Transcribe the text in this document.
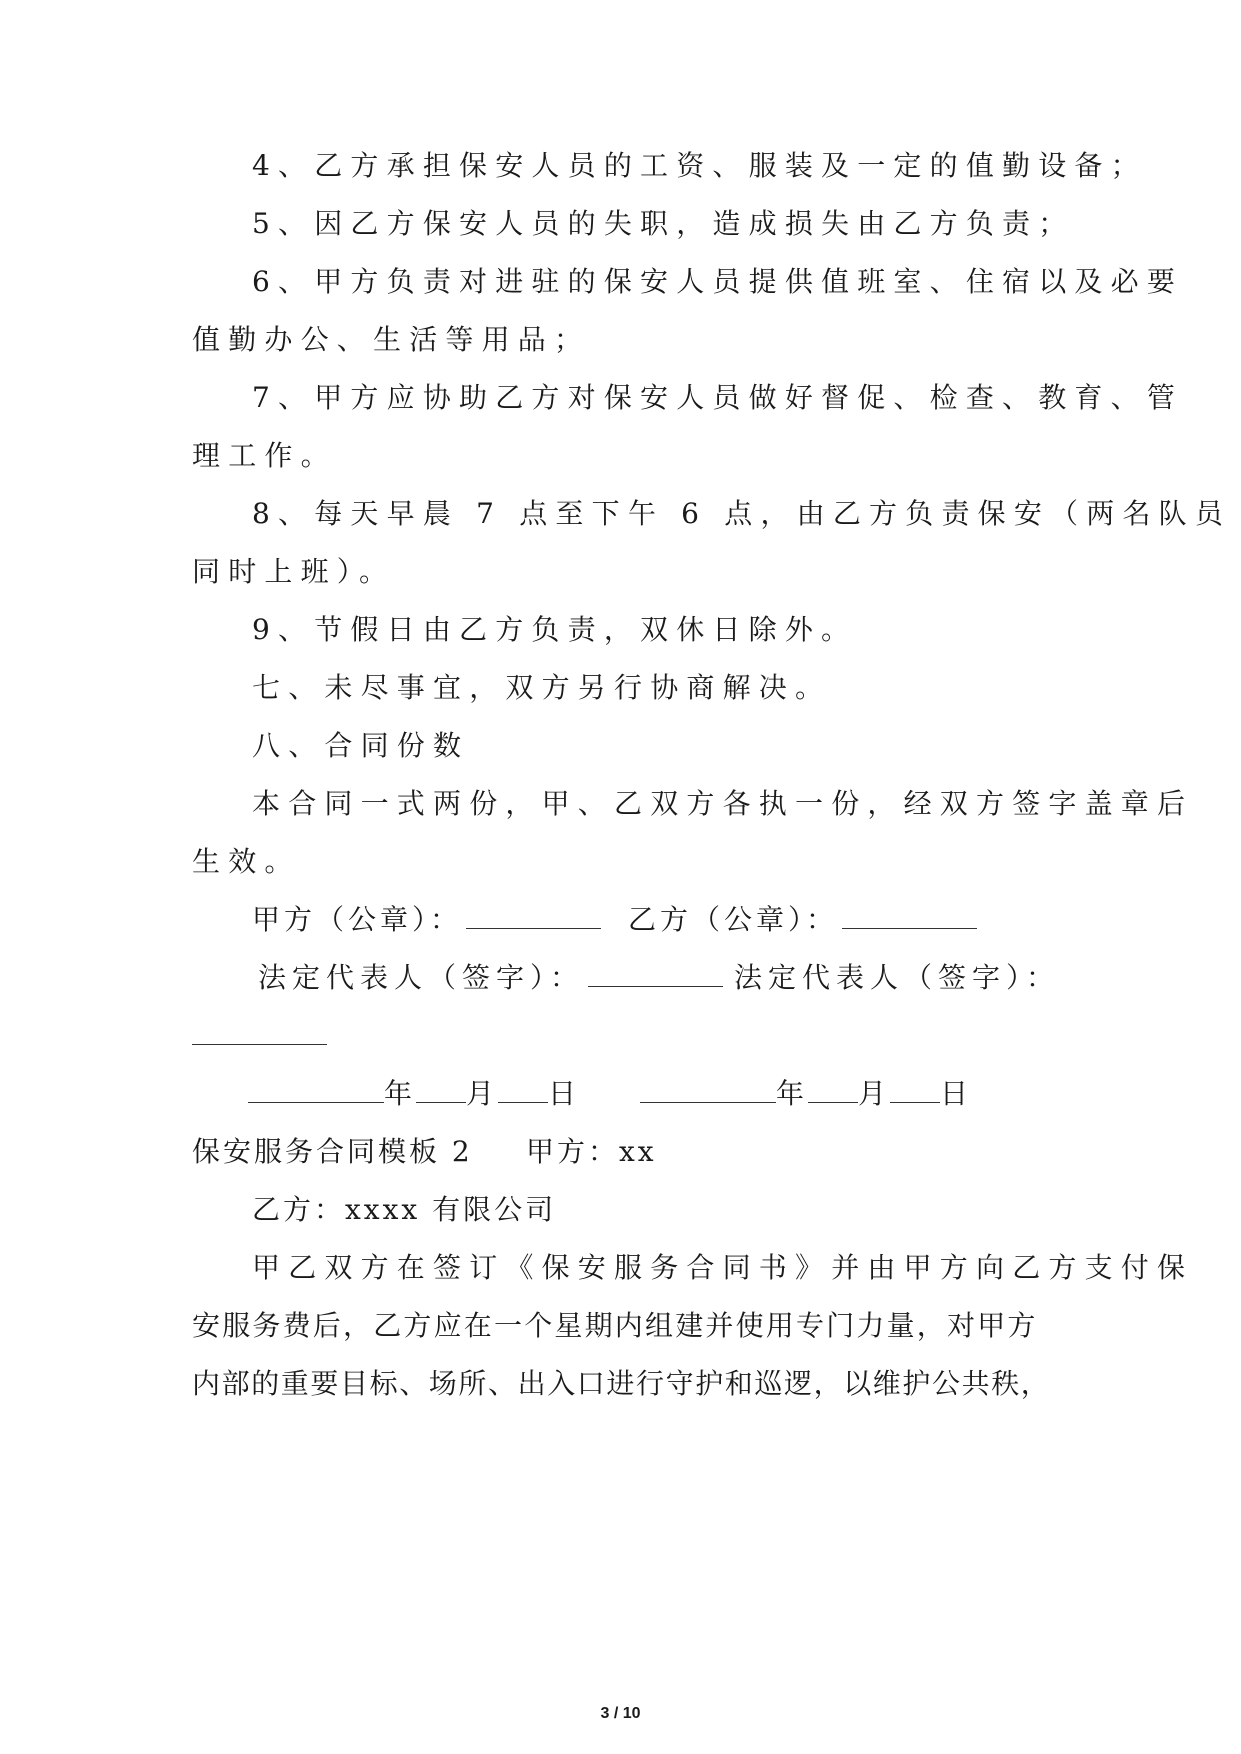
4、乙方承担保安人员的工资、服装及一定的值勤设备；
5、因乙方保安人员的失职，造成损失由乙方负责；
6、甲方负责对进驻的保安人员提供值班室、住宿以及必要
值勤办公、生活等用品；
7、甲方应协助乙方对保安人员做好督促、检查、教育、管
理工作。
8、每天早晨 7 点至下午 6 点，由乙方负责保安（两名队员
同时上班）。
9、节假日由乙方负责，双休日除外。
七、未尽事宜，双方另行协商解决。
八、合同份数
本合同一式两份，甲、乙双方各执一份，经双方签字盖章后
生效。
甲方（公章）：	乙方（公章）：
法定代表人（签字）：	法定代表人（签字）：
年 月 日	年 月 日
保安服务合同模板 2 甲方：xx
乙方：xxxx 有限公司
甲乙双方在签订《保安服务合同书》并由甲方向乙方支付保
安服务费后，乙方应在一个星期内组建并使用专门力量，对甲方
内部的重要目标、场所、出入口进行守护和巡逻，以维护公共秩，
3 / 10
